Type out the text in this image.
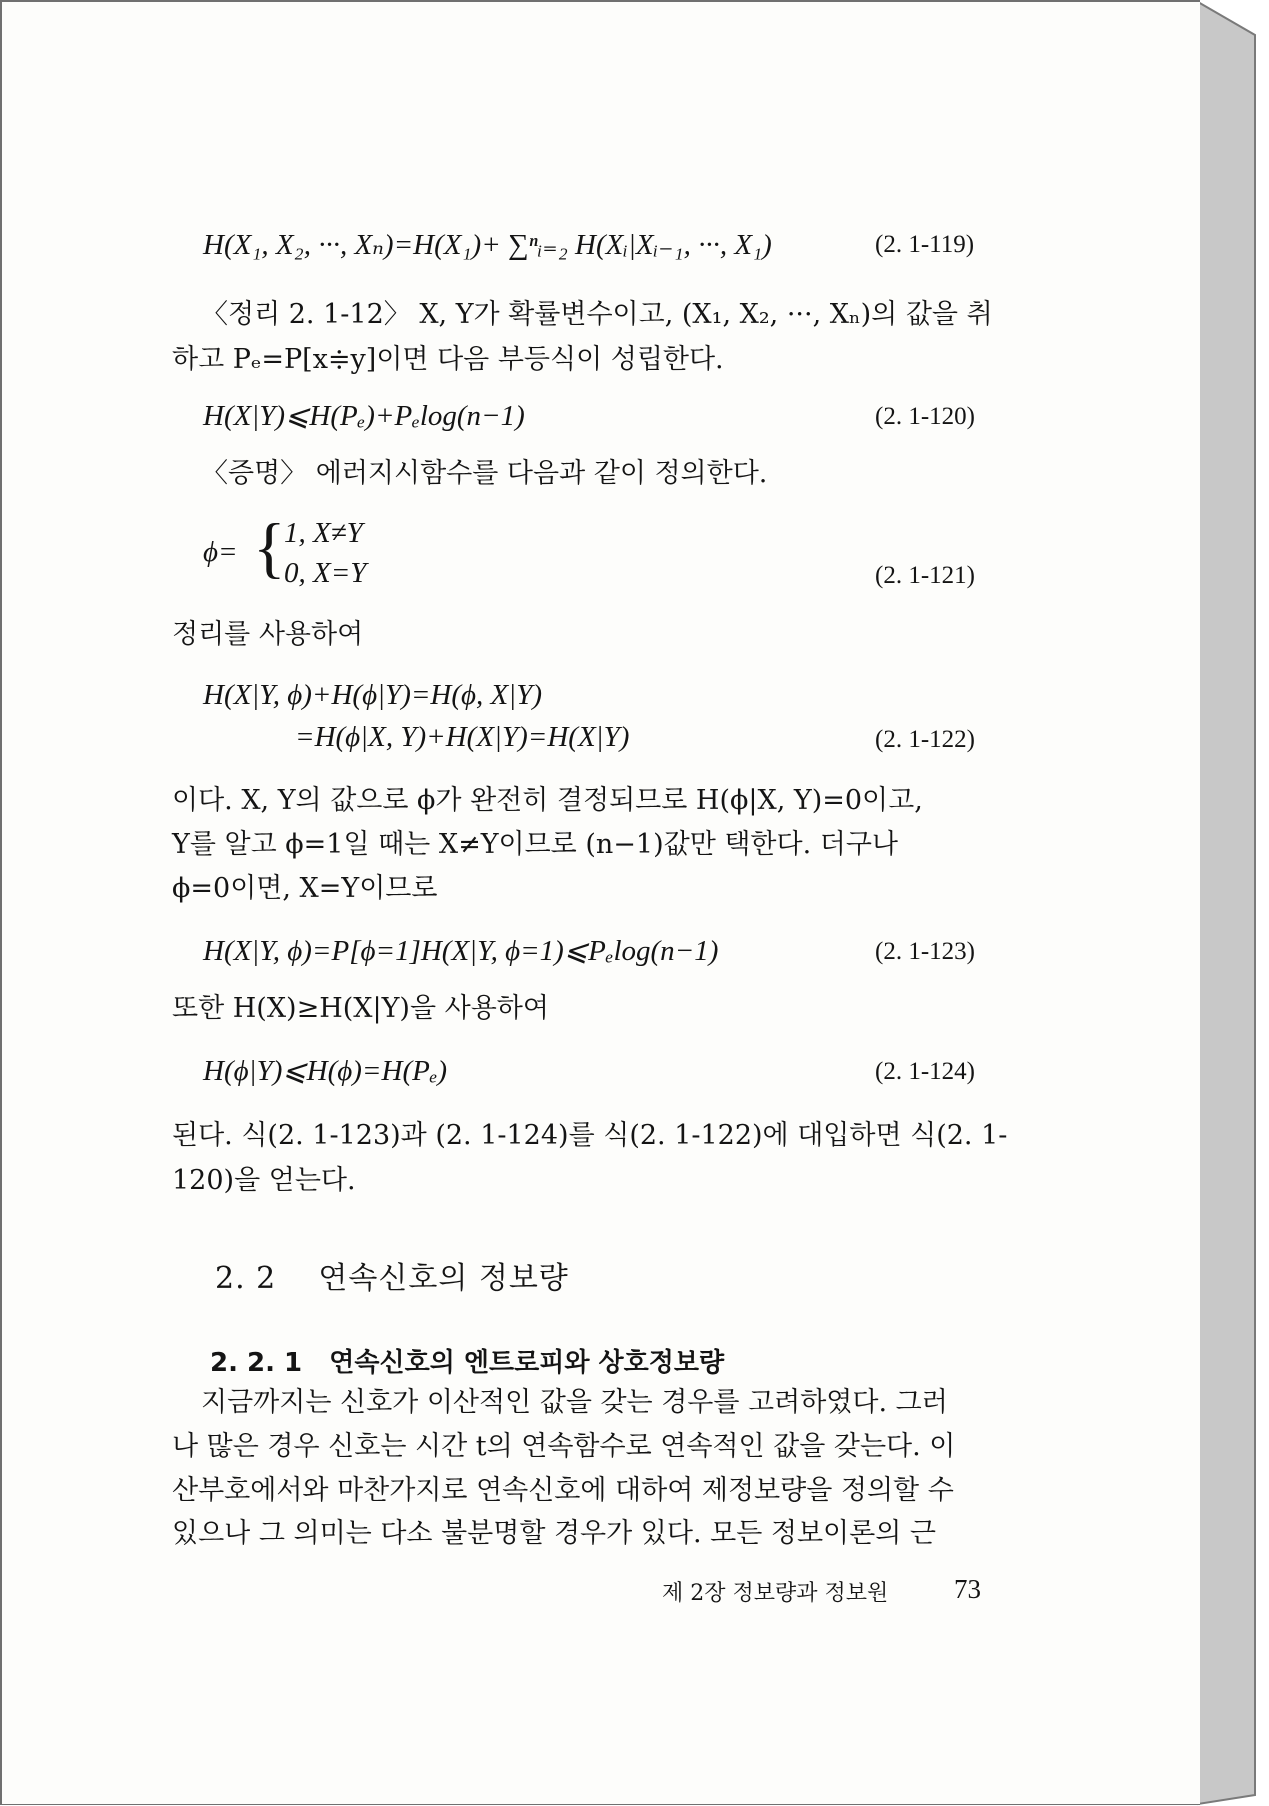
H(X₁, X₂, ···, Xₙ)=H(X₁)+ ∑ⁿᵢ₌₂ H(Xᵢ|Xᵢ₋₁, ···, X₁)	(2. 1-119)
〈정리 2. 1-12〉 X, Y가 확률변수이고, (X₁, X₂, ···, Xₙ)의 값을 취
하고 Pₑ=P[x≑y]이면 다음 부등식이 성립한다.
H(X|Y)⩽H(Pₑ)+Pₑlog(n−1)	(2. 1-120)
〈증명〉 에러지시함수를 다음과 같이 정의한다.
ϕ= {
1, X≠Y
0, X=Y	(2. 1-121)
정리를 사용하여
H(X|Y, ϕ)+H(ϕ|Y)=H(ϕ, X|Y)
=H(ϕ|X, Y)+H(X|Y)=H(X|Y)	(2. 1-122)
이다. X, Y의 값으로 ϕ가 완전히 결정되므로 H(ϕ|X, Y)=0이고,
Y를 알고 ϕ=1일 때는 X≠Y이므로 (n−1)값만 택한다. 더구나
ϕ=0이면, X=Y이므로
H(X|Y, ϕ)=P[ϕ=1]H(X|Y, ϕ=1)⩽Pₑlog(n−1)	(2. 1-123)
또한 H(X)≥H(X|Y)을 사용하여
H(ϕ|Y)⩽H(ϕ)=H(Pₑ)	(2. 1-124)
된다. 식(2. 1-123)과 (2. 1-124)를 식(2. 1-122)에 대입하면 식(2. 1-
120)을 얻는다.
2. 2 연속신호의 정보량
2. 2. 1 연속신호의 엔트로피와 상호정보량
지금까지는 신호가 이산적인 값을 갖는 경우를 고려하였다. 그러
나 많은 경우 신호는 시간 t의 연속함수로 연속적인 값을 갖는다. 이
산부호에서와 마찬가지로 연속신호에 대하여 제정보량을 정의할 수
있으나 그 의미는 다소 불분명할 경우가 있다. 모든 정보이론의 근
제 2장 정보량과 정보원 73
